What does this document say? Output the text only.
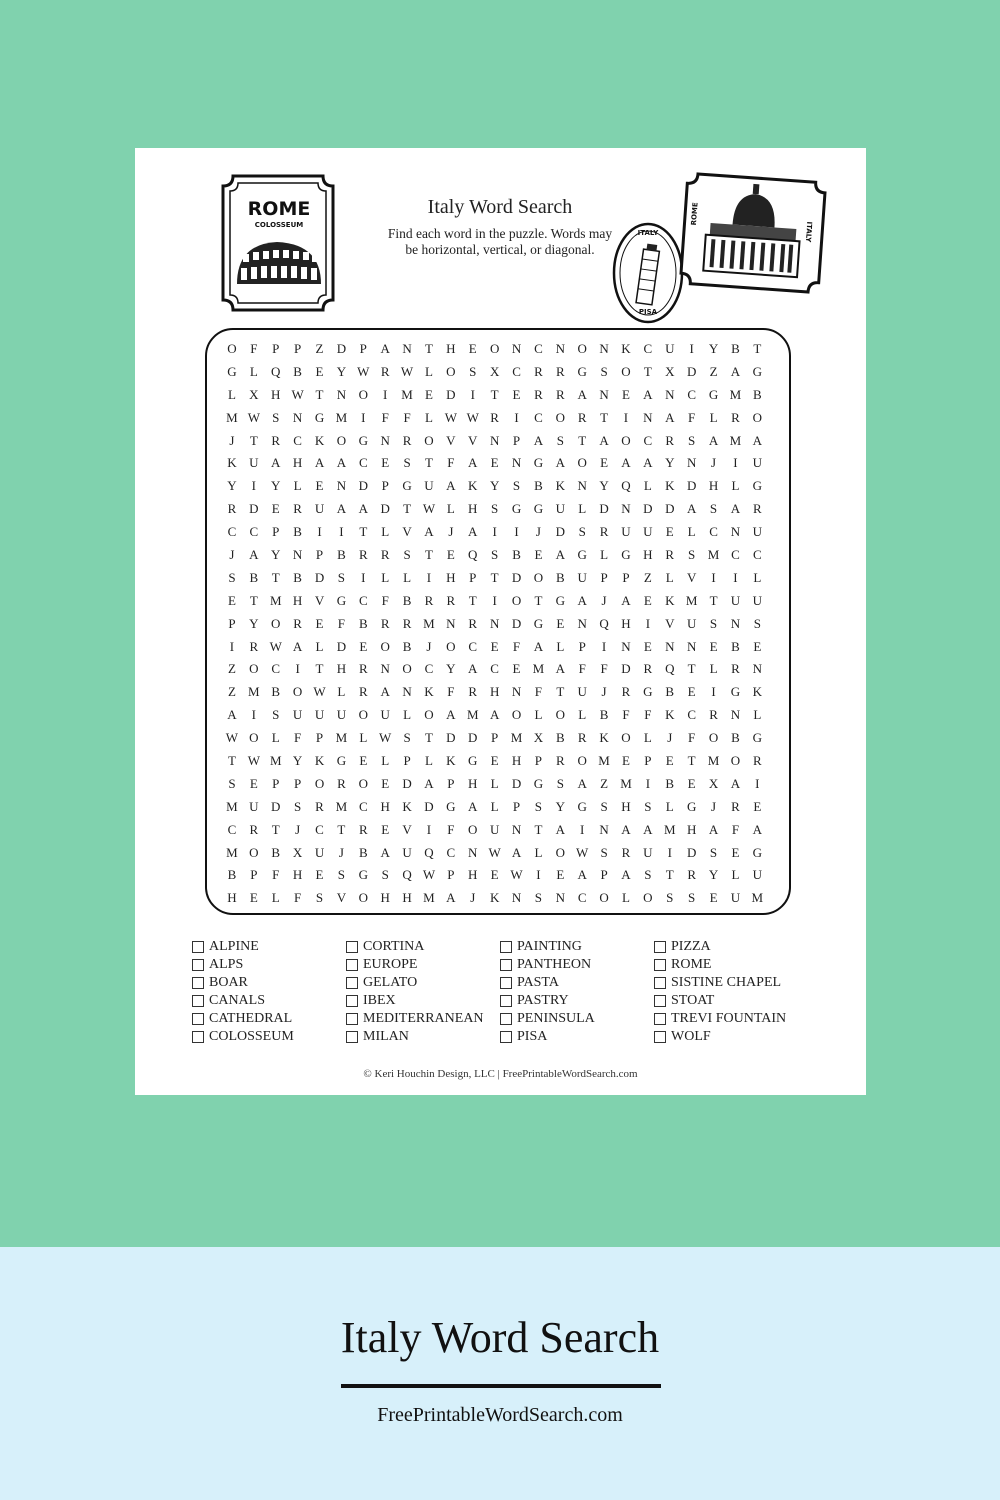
ROME
COLOSSEUM
ITALY
PISA
ROME
ITALY
Italy Word Search
Find each word in the puzzle. Words may be horizontal, vertical, or diagonal.
O	F	P	P	Z	D	P	A N	T	H	E	O N C N O N K C U	I	Y B	T
G	L	Q B	E	Y W R W L	O	S	X C	R	R G	S	O	T	X D	Z	A G
L	X H W T	N O	I	M E	D	I	T	E	R	R A N	E	A N C G M B
M W S	N G M	I	F	F	L W W R	I	C O R	T	I	N A	F	L	R O
J	T	R	C K O G N R O V V N	P	A	S	T	A O C	R	S	A M A
K U A H A A C	E	S	T	F	A	E	N G A O	E	A A Y N	J	I	U
Y	I	Y	L	E	N D	P	G U A K Y	S	B K N Y Q	L	K D H	L	G
R D	E	R U A A D	T W L	H	S	G G U	L	D N D D A	S	A R
C	C	P	B	I	I	T	L	V A	J	A	I	I	J	D	S	R U U	E	L	C N U
J	A Y N	P	B	R	R	S	T	E	Q	S	B	E	A G	L	G H R	S M C	C
S	B	T	B D	S	I	L	L	I	H	P	T	D O B U	P	P	Z	L	V	I	I	L
E	T M H V G C	F	B	R	R	T	I	O	T	G A	J	A	E	K M T	U U
P	Y O R	E	F	B	R	R M N R N D G	E	N Q H	I	V U	S	N	S
I	R W A	L	D	E	O B	J	O C	E	F	A	L	P	I	N	E	N N	E	B	E
Z	O C	I	T	H R N O C Y A C	E M A	F	F	D R Q	T	L	R N
Z M B O W L	R A N K	F	R H N	F	T	U	J	R G B	E	I	G K
A	I	S	U U U O U	L	O A M A O	L	O	L	B	F	F	K C	R N	L
W O	L	F	P M L W S	T	D D	P M X B	R K O	L	J	F	O B G
T W M Y K G	E	L	P	L	K G	E	H	P	R O M E	P	E	T M O R
S	E	P	P	O R O	E	D A	P	H	L	D G	S	A	Z M	I	B	E	X A	I
M U D	S	R M C H K D G A	L	P	S	Y G	S	H	S	L	G	J	R	E
C	R	T	J	C	T	R	E	V	I	F	O U N	T	A	I	N A A M H A	F	A
M O B X U	J	B A U Q C N W A	L	O W S	R U	I	D	S	E	G
B	P	F	H	E	S	G	S	Q W P	H	E W	I	E	A	P	A	S	T	R Y	L	U
H	E	L	F	S	V O H H M A	J	K N	S	N C O	L	O	S	S	E	U M
ALPINE
ALPS
BOAR
CANALS
CATHEDRAL
COLOSSEUM
CORTINA
EUROPE
GELATO
IBEX
MEDITERRANEAN
MILAN
PAINTING
PANTHEON
PASTA
PASTRY
PENINSULA
PISA
PIZZA
ROME
SISTINE CHAPEL
STOAT
TREVI FOUNTAIN
WOLF
© Keri Houchin Design, LLC | FreePrintableWordSearch.com
Italy Word Search
FreePrintableWordSearch.com
